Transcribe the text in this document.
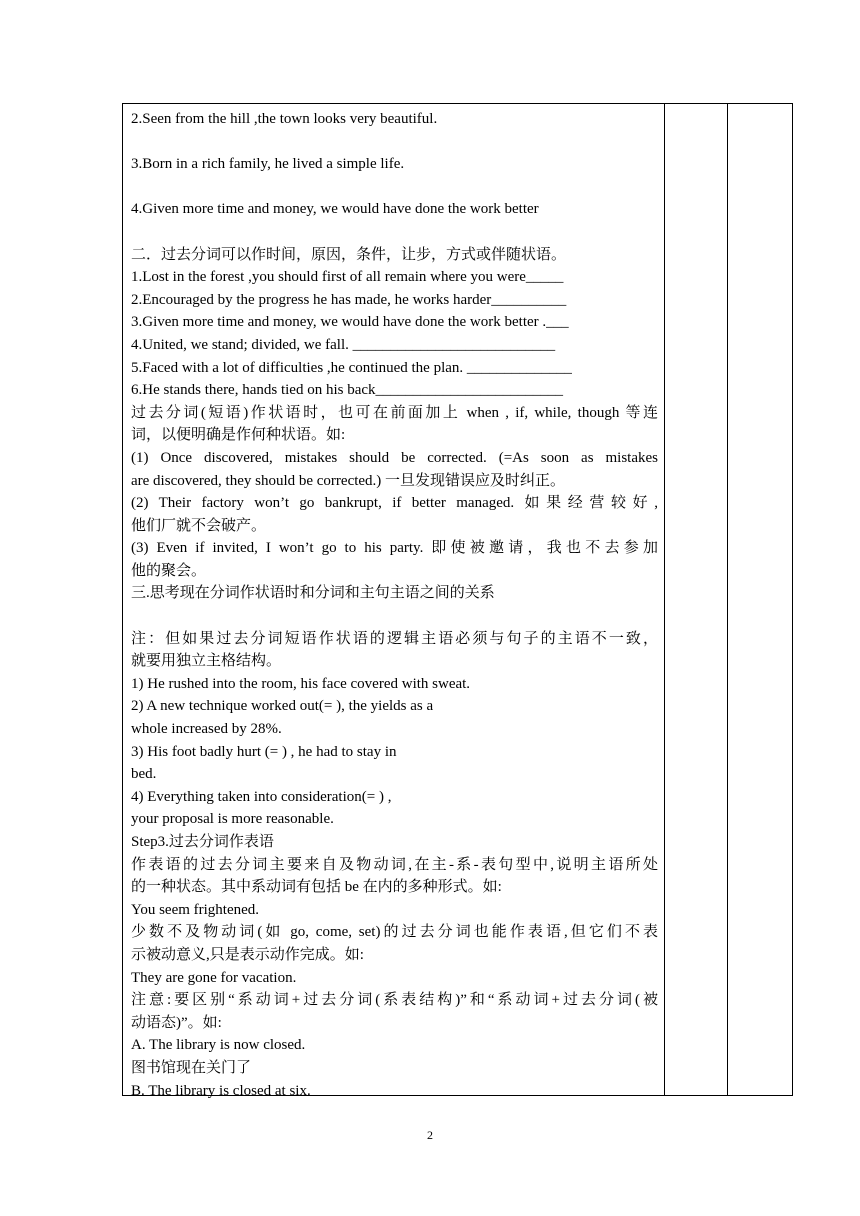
2.Seen from the hill ,the town looks very beautiful.
3.Born in a rich family, he lived a simple life.
4.Given more time and money, we would have done the work better
二．过去分词可以作时间，原因，条件，让步，方式或伴随状语。
1.Lost in the forest ,you should first of all remain where you were_____
2.Encouraged by the progress he has made, he works harder__________
3.Given more time and money, we would have done the work better .___
4.United, we stand; divided, we fall. ___________________________
5.Faced with a lot of difficulties ,he continued the plan. ______________
6.He stands there, hands tied on his back_________________________
过去分词(短语)作状语时，也可在前面加上 when , if, while, though 等连
词，以便明确是作何种状语。如:
(1) Once discovered, mistakes should be corrected. (=As soon as mistakes
are discovered, they should be corrected.) 一旦发现错误应及时纠正。
(2) Their factory won’t go bankrupt, if better managed. 如果经营较好,
他们厂就不会破产。
(3) Even if invited, I won’t go to his party. 即使被邀请，我也不去参加
他的聚会。
三.思考现在分词作状语时和分词和主句主语之间的关系
注：但如果过去分词短语作状语的逻辑主语必须与句子的主语不一致，
就要用独立主格结构。
1) He rushed into the room, his face covered with sweat.
2) A new technique worked out(= ), the yields as a
whole increased by 28%.
3) His foot badly hurt (= ) , he had to stay in
bed.
4) Everything taken into consideration(= ) ,
your proposal is more reasonable.
Step3.过去分词作表语
作表语的过去分词主要来自及物动词,在主-系-表句型中,说明主语所处
的一种状态。其中系动词有包括 be 在内的多种形式。如:
You seem frightened.
少数不及物动词(如 go, come, set)的过去分词也能作表语,但它们不表
示被动意义,只是表示动作完成。如:
They are gone for vacation.
注意:要区别“系动词+过去分词(系表结构)”和“系动词+过去分词(被
动语态)”。如:
A. The library is now closed.
图书馆现在关门了
B. The library is closed at six.
2
